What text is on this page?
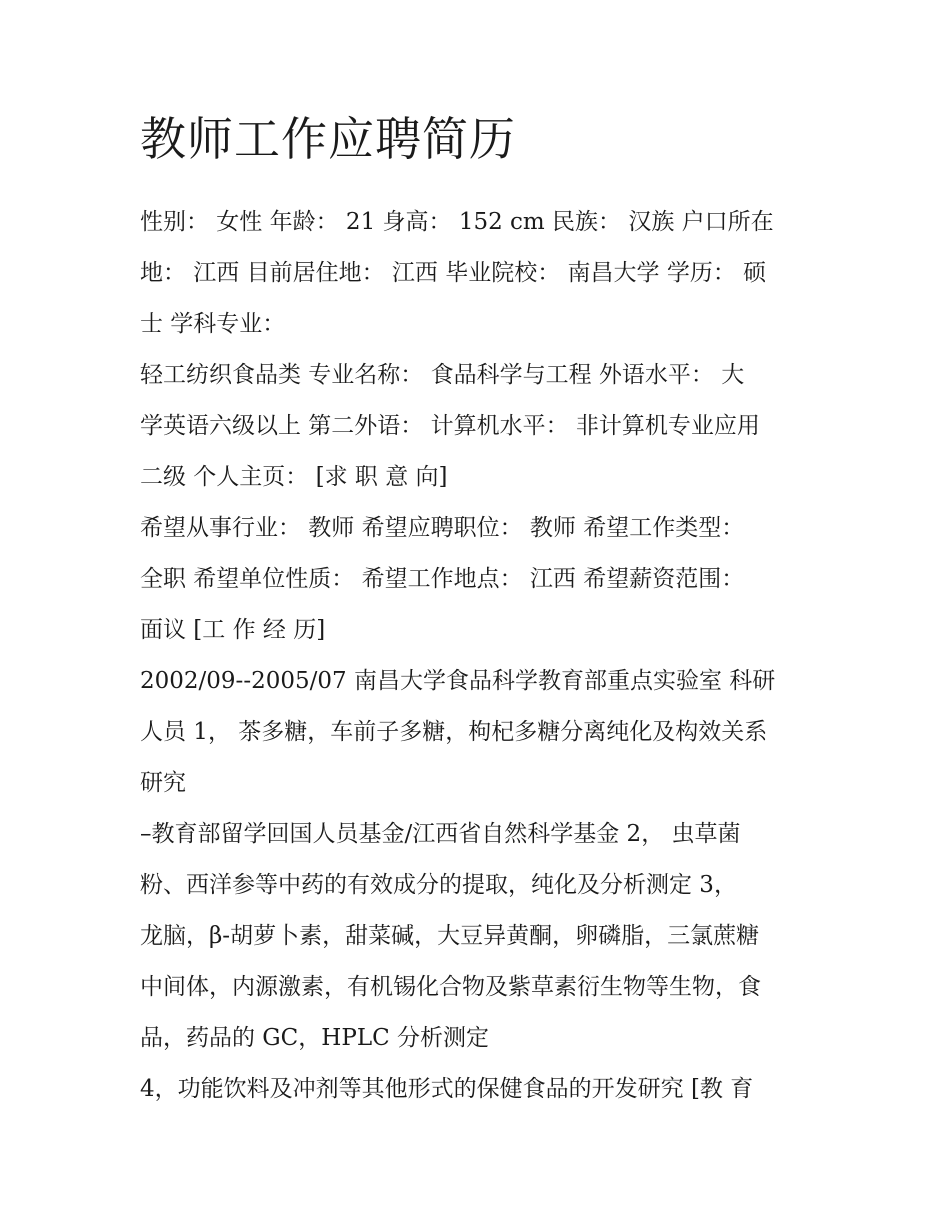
教师工作应聘简历

性别： 女性 年龄： 21 身高： 152 cm 民族： 汉族 户口所在

地： 江西 目前居住地： 江西 毕业院校： 南昌大学 学历： 硕

士 学科专业：

轻工纺织食品类 专业名称： 食品科学与工程 外语水平： 大

学英语六级以上 第二外语： 计算机水平： 非计算机专业应用

二级 个人主页： [求 职 意 向]

希望从事行业： 教师 希望应聘职位： 教师 希望工作类型：

全职 希望单位性质： 希望工作地点： 江西 希望薪资范围：

面议 [工 作 经 历]

2002/09--2005/07 南昌大学食品科学教育部重点实验室 科研

人员 1， 茶多糖，车前子多糖，枸杞多糖分离纯化及构效关系

研究

–教育部留学回国人员基金/江西省自然科学基金 2， 虫草菌

粉、西洋参等中药的有效成分的提取，纯化及分析测定 3，

龙脑，β-胡萝卜素，甜菜碱，大豆异黄酮，卵磷脂，三氯蔗糖

中间体，内源激素，有机锡化合物及紫草素衍生物等生物，食

品，药品的 GC，HPLC 分析测定

4，功能饮料及冲剂等其他形式的保健食品的开发研究 [教 育
